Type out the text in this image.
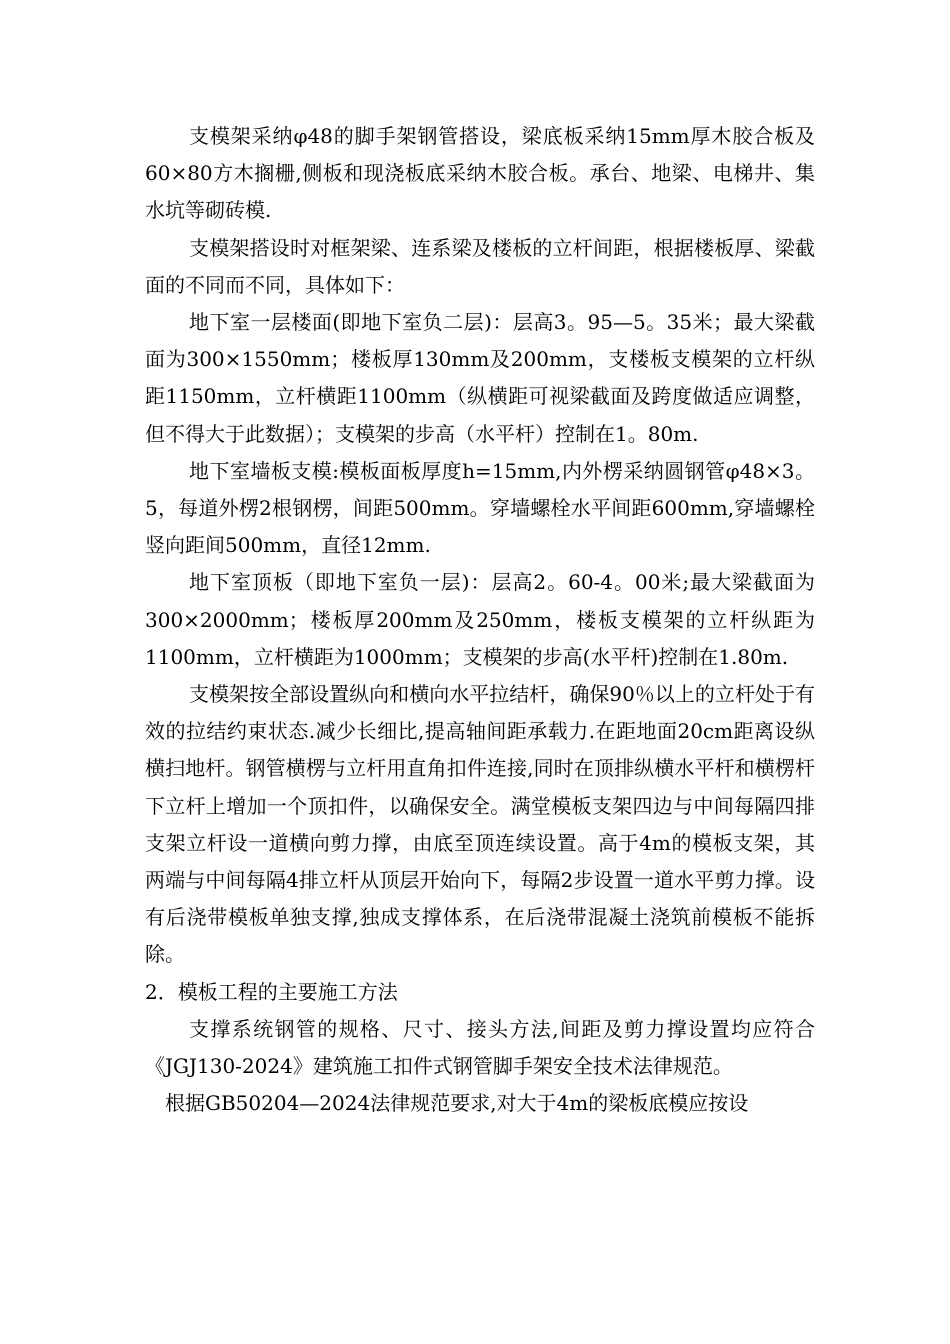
支模架采纳φ48的脚手架钢管搭设，梁底板采纳15mm厚木胶合板及60×80方木搁栅,侧板和现浇板底采纳木胶合板。承台、地梁、电梯井、集水坑等砌砖模.

支模架搭设时对框架梁、连系梁及楼板的立杆间距，根据楼板厚、梁截面的不同而不同，具体如下：

地下室一层楼面(即地下室负二层)：层高3。95—5。35米；最大梁截面为300×1550mm；楼板厚130mm及200mm，支楼板支模架的立杆纵距1150mm，立杆横距1100mm（纵横距可视梁截面及跨度做适应调整，但不得大于此数据）；支模架的步高（水平杆）控制在1。80m.

地下室墙板支模:模板面板厚度h=15mm,内外楞采纳圆钢管φ48×3。5，每道外楞2根钢楞，间距500mm。穿墙螺栓水平间距600mm,穿墙螺栓竖向距间500mm，直径12mm.

地下室顶板（即地下室负一层)：层高2。60-4。00米;最大梁截面为300×2000mm；楼板厚200mm及250mm，楼板支模架的立杆纵距为1100mm，立杆横距为1000mm；支模架的步高(水平杆)控制在1.80m.

支模架按全部设置纵向和横向水平拉结杆，确保90％以上的立杆处于有效的拉结约束状态.减少长细比,提高轴间距承载力.在距地面20cm距离设纵横扫地杆。钢管横楞与立杆用直角扣件连接,同时在顶排纵横水平杆和横楞杆下立杆上增加一个顶扣件，以确保安全。满堂模板支架四边与中间每隔四排支架立杆设一道横向剪力撑，由底至顶连续设置。高于4m的模板支架，其两端与中间每隔4排立杆从顶层开始向下，每隔2步设置一道水平剪力撑。设有后浇带模板单独支撑,独成支撑体系，在后浇带混凝土浇筑前模板不能拆除。

2．模板工程的主要施工方法

支撑系统钢管的规格、尺寸、接头方法,间距及剪力撑设置均应符合《JGJ130-2024》建筑施工扣件式钢管脚手架安全技术法律规范。

根据GB50204—2024法律规范要求,对大于4m的梁板底模应按设
